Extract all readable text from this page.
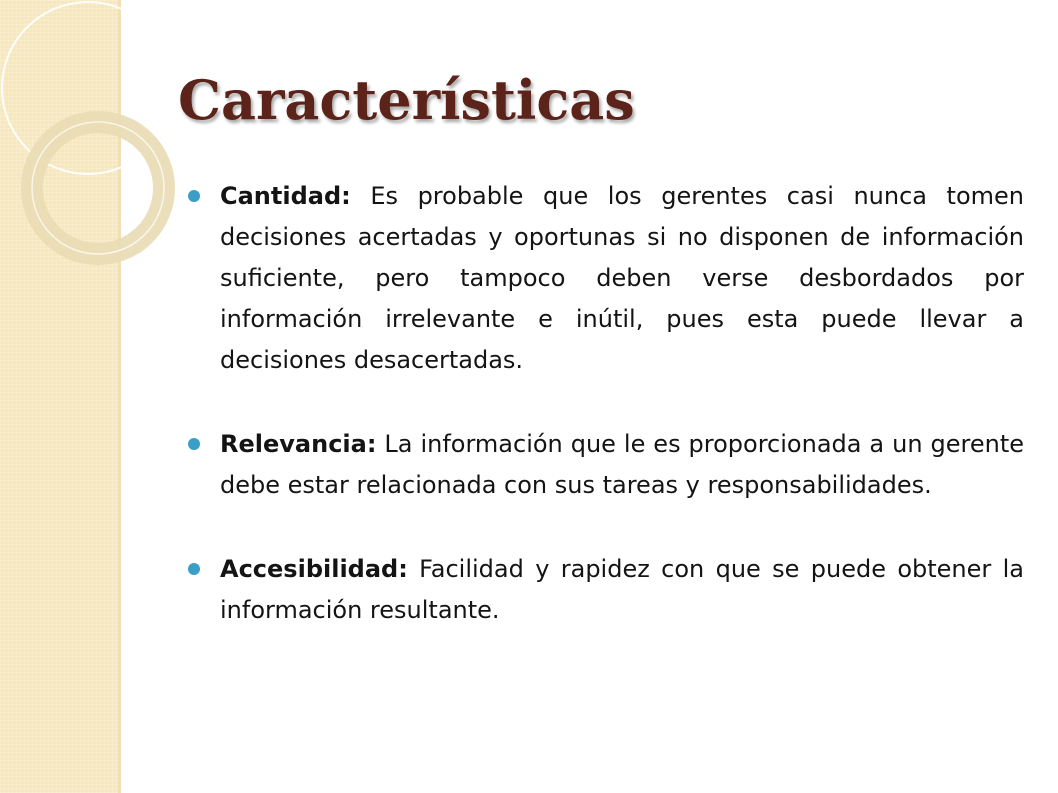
Características
Cantidad: Es probable que los gerentes casi nunca tomen decisiones acertadas y oportunas si no disponen de información suficiente, pero tampoco deben verse desbordados por información irrelevante e inútil, pues esta puede llevar a decisiones desacertadas.
Relevancia: La información que le es proporcionada a un gerente debe estar relacionada con sus tareas y responsabilidades.
Accesibilidad: Facilidad y rapidez con que se puede obtener la información resultante.
